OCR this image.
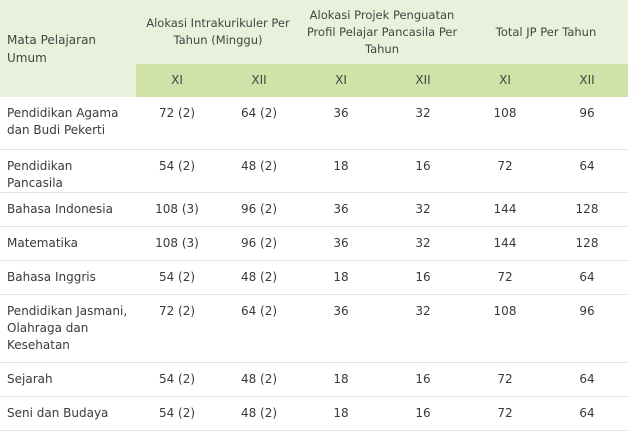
Mata Pelajaran Umum	Alokasi Intrakurikuler Per Tahun (Minggu)		Alokasi Projek Penguatan Profil Pelajar Pancasila Per Tahun		Total JP Per Tahun	
	XI	XII	XI	XII	XI	XII
Pendidikan Agama dan Budi Pekerti	72 (2)	64 (2)	36	32	108	96
Pendidikan Pancasila	54 (2)	48 (2)	18	16	72	64
Bahasa Indonesia	108 (3)	96 (2)	36	32	144	128
Matematika	108 (3)	96 (2)	36	32	144	128
Bahasa Inggris	54 (2)	48 (2)	18	16	72	64
Pendidikan Jasmani, Olahraga dan Kesehatan	72 (2)	64 (2)	36	32	108	96
Sejarah	54 (2)	48 (2)	18	16	72	64
Seni dan Budaya	54 (2)	48 (2)	18	16	72	64
